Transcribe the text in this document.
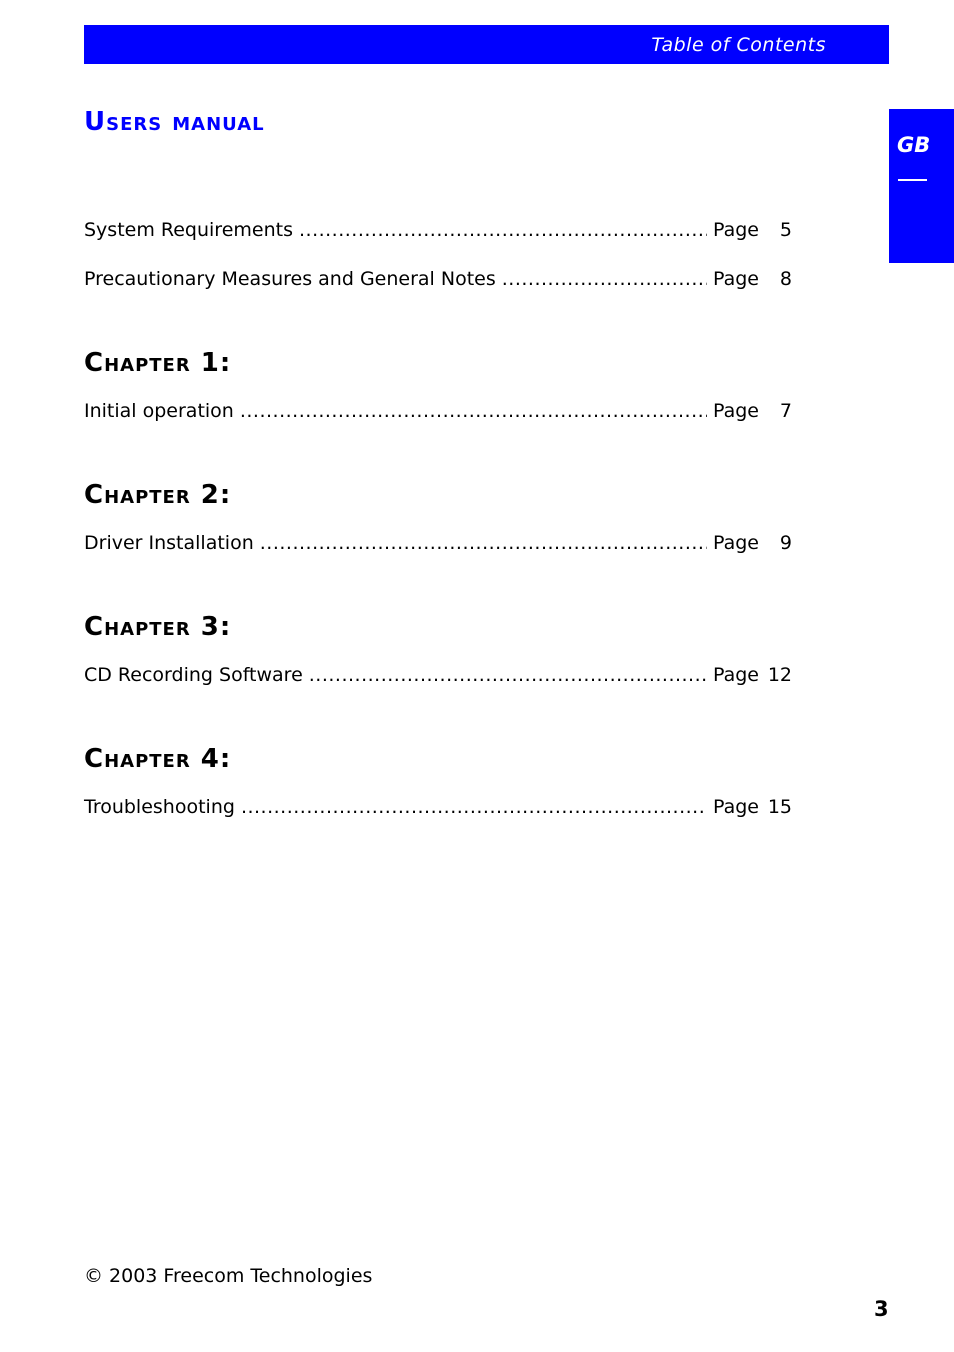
Table of Contents
GB
Users manual
System Requirements .....	Page	5
Precautionary Measures and General Notes .....	Page	8
Chapter 1:
Initial operation .....	Page	7
Chapter 2:
Driver Installation .....	Page	9
Chapter 3:
CD Recording Software .....	Page 12
Chapter 4:
Troubleshooting .....	Page 15
© 2003 Freecom Technologies
3
